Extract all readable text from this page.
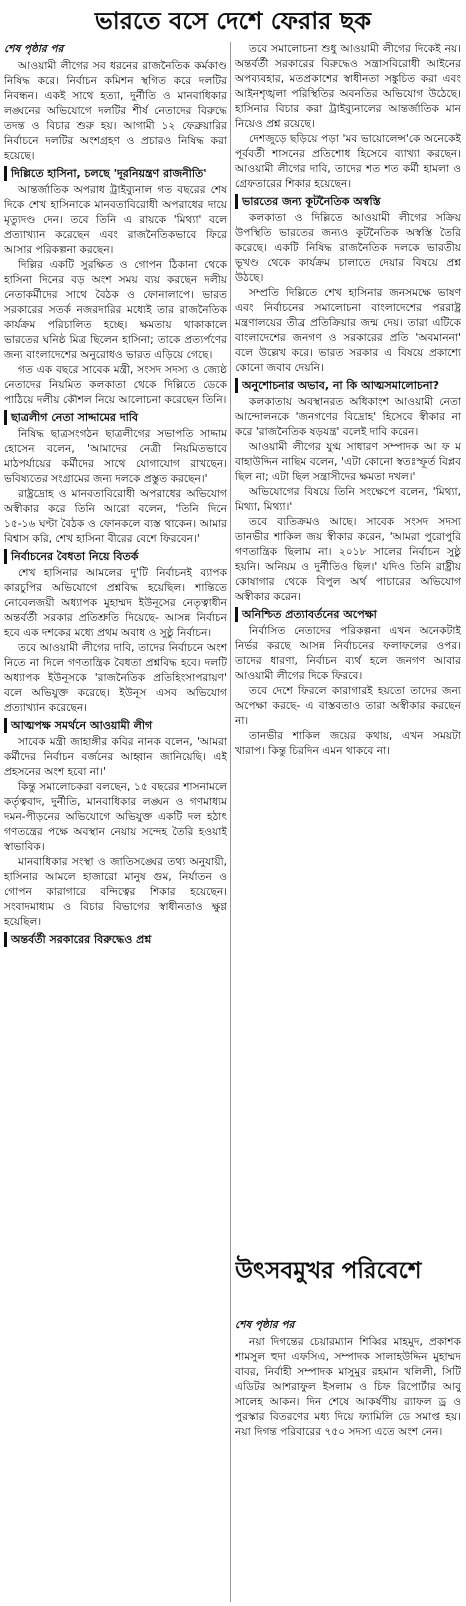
ভারতে বসে দেশে ফেরার ছক
শেষ পৃষ্ঠার পর

আওয়ামী লীগের সব ধরনের রাজনৈতিক কর্মকাণ্ড নিষিদ্ধ করে। নির্বাচন কমিশন স্থগিত করে দলটির নিবন্ধন। একই সাথে হত্যা, দুর্নীতি ও মানবাধিকার লঙ্ঘনের অভিযোগে দলটির শীর্ষ নেতাদের বিরুদ্ধে তদন্ত ও বিচার শুরু হয়। আগামী ১২ ফেব্রুয়ারির নির্বাচনে দলটির অংশগ্রহণ ও প্রচারও নিষিদ্ধ করা হয়েছে।

দিল্লিতে হাসিনা, চলছে 'দূরনিয়ন্ত্রণ রাজনীতি'

আন্তর্জাতিক অপরাধ ট্রাইব্যুনাল গত বছরের শেষ দিকে শেখ হাসিনাকে মানবতাবিরোধী অপরাধের দায়ে মৃত্যুদণ্ড দেন। তবে তিনি এ রায়কে 'মিথ্যা' বলে প্রত্যাখ্যান করেছেন এবং রাজনৈতিকভাবে ফিরে আসার পরিকল্পনা করছেন।

দিল্লির একটি সুরক্ষিত ও গোপন ঠিকানা থেকে হাসিনা দিনের বড় অংশ সময় ব্যয় করছেন দলীয় নেতাকর্মীদের সাথে বৈঠক ও ফোনালাপে। ভারত সরকারের সতর্ক নজরদারির মধ্যেই তার রাজনৈতিক কার্যক্রম পরিচালিত হচ্ছে। ক্ষমতায় থাকাকালে ভারতের ঘনিষ্ঠ মিত্র ছিলেন হাসিনা; তাকে প্রত্যর্পণের জন্য বাংলাদেশের অনুরোধও ভারত এড়িয়ে গেছে।

গত এক বছরে সাবেক মন্ত্রী, সংসদ সদস্য ও জ্যেষ্ঠ নেতাদের নিয়মিত কলকাতা থেকে দিল্লিতে ডেকে পাঠিয়ে দলীয় কৌশল নিয়ে আলোচনা করেছেন তিনি।

ছাত্রলীগ নেতা সাদ্দামের দাবি

নিষিদ্ধ ছাত্রসংগঠন ছাত্রলীগের সভাপতি সাদ্দাম হোসেন বলেন, 'আমাদের নেত্রী নিয়মিতভাবে মাঠপর্যায়ের কর্মীদের সাথে যোগাযোগ রাখছেন। ভবিষ্যতের সংগ্রামের জন্য দলকে প্রস্তুত করছেন।'

রাষ্ট্রদ্রোহ ও মানবতাবিরোধী অপরাধের অভিযোগ অস্বীকার করে তিনি আরো বলেন, 'তিনি দিনে ১৫-১৬ ঘণ্টা বৈঠক ও ফোনকলে ব্যস্ত থাকেন। আমার বিশ্বাস করি, শেখ হাসিনা বীরের বেশে ফিরবেন।'

নির্বাচনের বৈধতা নিয়ে বিতর্ক

শেখ হাসিনার আমলের দু'টি নির্বাচনই ব্যাপক কারচুপির অভিযোগে প্রশ্নবিদ্ধ হয়েছিল। শান্তিতে নোবেলজয়ী অধ্যাপক মুহাম্মদ ইউনূসের নেতৃত্বাধীন অন্তর্বর্তী সরকার প্রতিশ্রুতি দিয়েছে- আসন্ন নির্বাচন হবে এক দশকের মধ্যে প্রথম অবাধ ও সুষ্ঠু নির্বাচন।

তবে আওয়ামী লীগের দাবি, তাদের নির্বাচনে অংশ নিতে না দিলে গণতান্ত্রিক বৈধতা প্রশ্নবিদ্ধ হবে। দলটি অধ্যাপক ইউনূসকে 'রাজনৈতিক প্রতিহিংসাপরায়ণ' বলে অভিযুক্ত করেছে। ইউনূস এসব অভিযোগ প্রত্যাখ্যান করেছেন।

আত্মপক্ষ সমর্থনে আওয়ামী লীগ

সাবেক মন্ত্রী জাহাঙ্গীর কবির নানক বলেন, 'আমরা কর্মীদের নির্বাচন বর্জনের আহ্বান জানিয়েছি। এই প্রহসনের অংশ হবো না।'

কিন্তু সমালোচকরা বলছেন, ১৫ বছরের শাসনামলে কর্তৃত্ববাদ, দুর্নীতি, মানবাধিকার লঙ্ঘন ও গণমাধ্যম দমন-পীড়নের অভিযোগে অভিযুক্ত একটি দল হঠাৎ গণতন্ত্রের পক্ষে অবস্থান নেয়ায় সন্দেহ তৈরি হওয়াই স্বাভাবিক।

মানবাধিকার সংস্থা ও জাতিসঙ্ঘের তথ্য অনুযায়ী, হাসিনার আমলে হাজারো মানুষ গুম, নির্যাতন ও গোপন কারাগারে বন্দিত্বের শিকার হয়েছেন। সংবাদমাধ্যম ও বিচার বিভাগের স্বাধীনতাও ক্ষুণ্ণ হয়েছিল।

অন্তর্বর্তী সরকারের বিরুদ্ধেও প্রশ্ন

তবে সমালোচনা শুধু আওয়ামী লীগের দিকেই নয়। অন্তর্বর্তী সরকারের বিরুদ্ধেও সন্ত্রাসবিরোধী আইনের অপব্যবহার, মতপ্রকাশের স্বাধীনতা সঙ্কুচিত করা এবং আইনশৃঙ্খলা পরিস্থিতির অবনতির অভিযোগ উঠেছে। হাসিনার বিচার করা ট্রাইব্যুনালের আন্তর্জাতিক মান নিয়েও প্রশ্ন রয়েছে।

দেশজুড়ে ছড়িয়ে পড়া 'মব ভায়োলেন্স'কে অনেকেই পূর্ববর্তী শাসনের প্রতিশোধ হিসেবে ব্যাখ্যা করছেন। আওয়ামী লীগের দাবি, তাদের শত শত কর্মী হামলা ও গ্রেফতারের শিকার হয়েছেন।

ভারতের জন্য কূটনৈতিক অস্বস্তি

কলকাতা ও দিল্লিতে আওয়ামী লীগের সক্রিয় উপস্থিতি ভারতের জন্যও কূটনৈতিক অস্বস্তি তৈরি করেছে। একটি নিষিদ্ধ রাজনৈতিক দলকে ভারতীয় ভূখণ্ড থেকে কার্যক্রম চালাতে দেয়ার বিষয়ে প্রশ্ন উঠছে।

সম্প্রতি দিল্লিতে শেখ হাসিনার জনসমক্ষে ভাষণ এবং নির্বাচনের সমালোচনা বাংলাদেশের পররাষ্ট্র মন্ত্রণালয়ের তীব্র প্রতিক্রিয়ার জন্ম দেয়। তারা এটিকে বাংলাদেশের জনগণ ও সরকারের প্রতি 'অবমাননা' বলে উল্লেখ করে। ভারত সরকার এ বিষয়ে প্রকাশ্যে কোনো জবাব দেয়নি।

অনুশোচনার অভাব, না কি আত্মসমালোচনা?

কলকাতায় অবস্থানরত অধিকাংশ আওয়ামী নেতা আন্দোলনকে 'জনগণের বিদ্রোহ' হিসেবে স্বীকার না করে 'রাজনৈতিক ষড়যন্ত্র' বলেই দাবি করেন।

আওয়ামী লীগের যুগ্ম সাধারণ সম্পাদক আ ফ ম বাহাউদ্দিন নাছিম বলেন, 'এটা কোনো স্বতঃস্ফূর্ত বিপ্লব ছিল না; এটা ছিল সন্ত্রাসীদের ক্ষমতা দখল।'

অভিযোগের বিষয়ে তিনি সংক্ষেপে বলেন, 'মিথ্যা, মিথ্যা, মিথ্যা।'

তবে ব্যতিক্রমও আছে। সাবেক সংসদ সদস্য তানভীর শাকিল জয় স্বীকার করেন, 'আমরা পুরোপুরি গণতান্ত্রিক ছিলাম না। ২০১৮ সালের নির্বাচন সুষ্ঠু হয়নি। অনিয়ম ও দুর্নীতিও ছিল।' যদিও তিনি রাষ্ট্রীয় কোষাগার থেকে বিপুল অর্থ পাচারের অভিযোগ অস্বীকার করেন।

অনিশ্চিত প্রত্যাবর্তনের অপেক্ষা

নির্বাসিত নেতাদের পরিকল্পনা এখন অনেকটাই নির্ভর করছে আসন্ন নির্বাচনের ফলাফলের ওপর। তাদের ধারণা, নির্বাচন ব্যর্থ হলে জনগণ আবার আওয়ামী লীগের দিকে ফিরবে।

তবে দেশে ফিরলে কারাগারই হয়তো তাদের জন্য অপেক্ষা করছে- এ বাস্তবতাও তারা অস্বীকার করছেন না।

তানভীর শাকিল জয়ের কথায়, এখন সময়টা খারাপ। কিন্তু চিরদিন এমন থাকবে না।

উৎসবমুখর পরিবেশে
শেষ পৃষ্ঠার পর

নয়া দিগন্তের চেয়ারম্যান শিব্বির মাহমুদ, প্রকাশক শামসুল হুদা এফসিএ, সম্পাদক সালাহউদ্দিন মুহাম্মদ বাবর, নির্বাহী সম্পাদক মাসুমুর রহমান খলিলী, সিটি এডিটর আশরাফুল ইসলাম ও চিফ রিপোর্টার আবু সালেহ আকন। দিন শেষে আকর্ষণীয় র‍্যাফল ড্র ও পুরস্কার বিতরণের মধ্য দিয়ে ফ্যামিলি ডে সমাপ্ত হয়। নয়া দিগন্ত পরিবারের ৭৫০ সদস্য এতে অংশ নেন।
